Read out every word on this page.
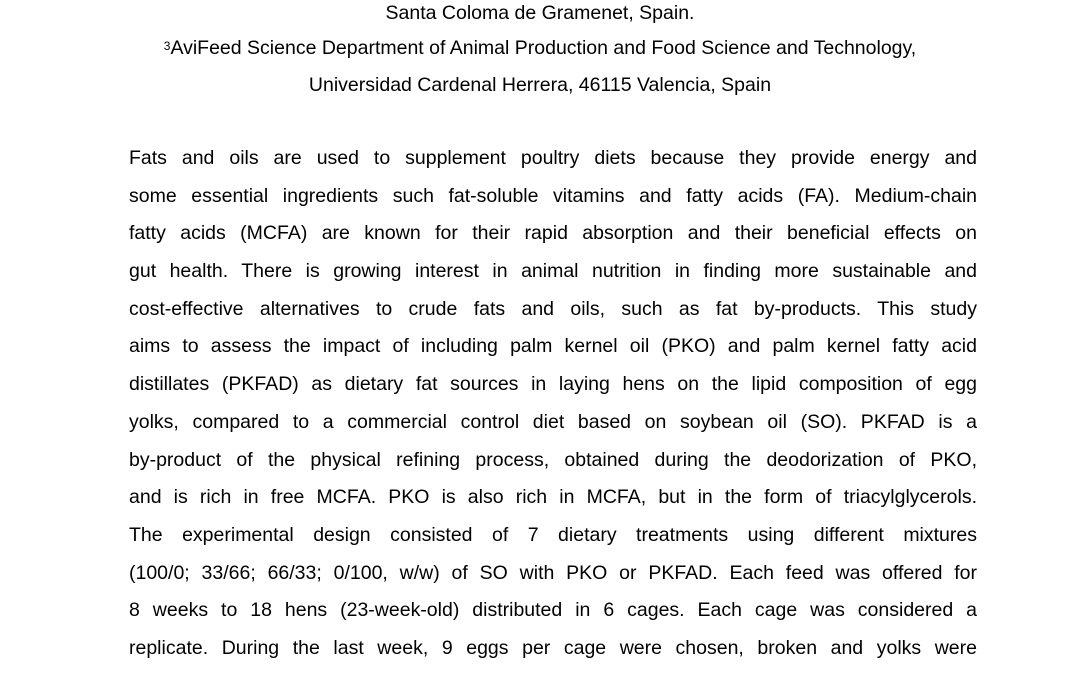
Santa Coloma de Gramenet, Spain.
$^3$AviFeed Science Department of Animal Production and Food Science and Technology,
Universidad Cardenal Herrera, 46115 Valencia, Spain
Fats and oils are used to supplement poultry diets because they provide energy and
some essential ingredients such fat-soluble vitamins and fatty acids (FA). Medium-chain
fatty acids (MCFA) are known for their rapid absorption and their beneficial effects on
gut health. There is growing interest in animal nutrition in finding more sustainable and
cost-effective alternatives to crude fats and oils, such as fat by-products. This study
aims to assess the impact of including palm kernel oil (PKO) and palm kernel fatty acid
distillates (PKFAD) as dietary fat sources in laying hens on the lipid composition of egg
yolks, compared to a commercial control diet based on soybean oil (SO). PKFAD is a
by-product of the physical refining process, obtained during the deodorization of PKO,
and is rich in free MCFA. PKO is also rich in MCFA, but in the form of triacylglycerols.
The experimental design consisted of 7 dietary treatments using different mixtures
(100/0; 33/66; 66/33; 0/100, w/w) of SO with PKO or PKFAD. Each feed was offered for
8 weeks to 18 hens (23-week-old) distributed in 6 cages. Each cage was considered a
replicate. During the last week, 9 eggs per cage were chosen, broken and yolks were
